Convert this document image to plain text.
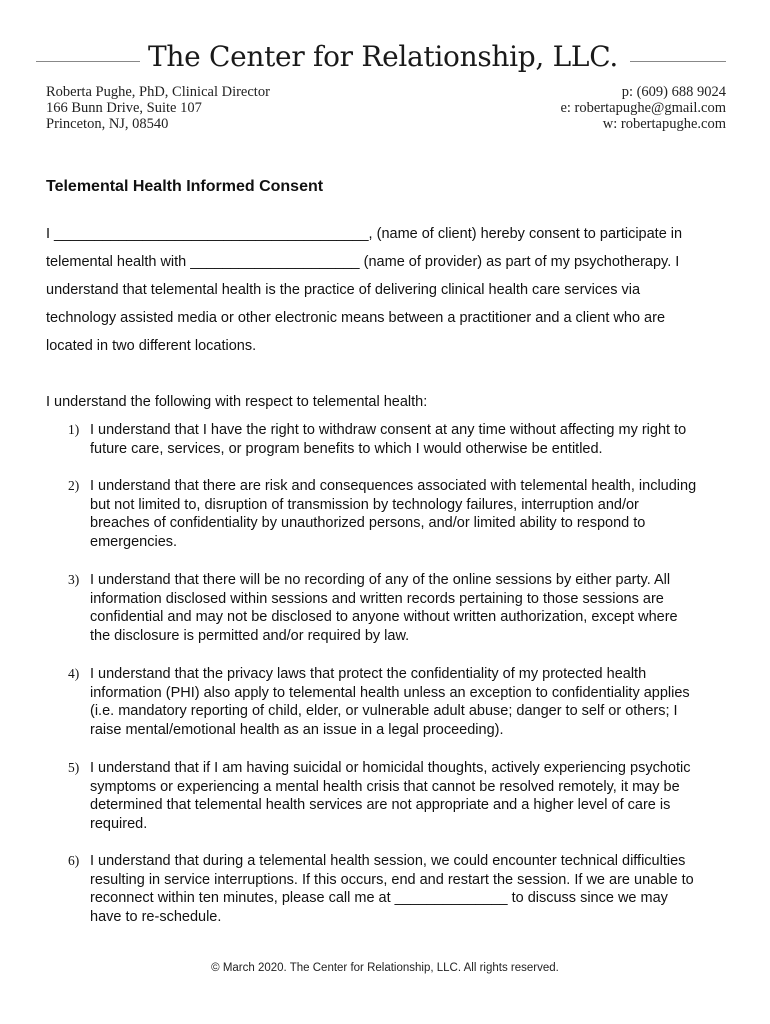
The Center for Relationship, LLC.
Roberta Pughe, PhD, Clinical Director
166 Bunn Drive, Suite 107
Princeton, NJ, 08540
p: (609) 688 9024
e: robertapughe@gmail.com
w: robertapughe.com
Telemental Health Informed Consent
I _______________________________________, (name of client) hereby consent to participate in
telemental health with _____________________ (name of provider) as part of my psychotherapy. I
understand that telemental health is the practice of delivering clinical health care services via
technology assisted media or other electronic means between a practitioner and a client who are
located in two different locations.
I understand the following with respect to telemental health:
1) I understand that I have the right to withdraw consent at any time without affecting my right to
future care, services, or program benefits to which I would otherwise be entitled.
2) I understand that there are risk and consequences associated with telemental health, including
but not limited to, disruption of transmission by technology failures, interruption and/or
breaches of confidentiality by unauthorized persons, and/or limited ability to respond to
emergencies.
3) I understand that there will be no recording of any of the online sessions by either party. All
information disclosed within sessions and written records pertaining to those sessions are
confidential and may not be disclosed to anyone without written authorization, except where
the disclosure is permitted and/or required by law.
4) I understand that the privacy laws that protect the confidentiality of my protected health
information (PHI) also apply to telemental health unless an exception to confidentiality applies
(i.e. mandatory reporting of child, elder, or vulnerable adult abuse; danger to self or others; I
raise mental/emotional health as an issue in a legal proceeding).
5) I understand that if I am having suicidal or homicidal thoughts, actively experiencing psychotic
symptoms or experiencing a mental health crisis that cannot be resolved remotely, it may be
determined that telemental health services are not appropriate and a higher level of care is
required.
6) I understand that during a telemental health session, we could encounter technical difficulties
resulting in service interruptions. If this occurs, end and restart the session. If we are unable to
reconnect within ten minutes, please call me at ______________ to discuss since we may
have to re-schedule.
© March 2020. The Center for Relationship, LLC. All rights reserved.
